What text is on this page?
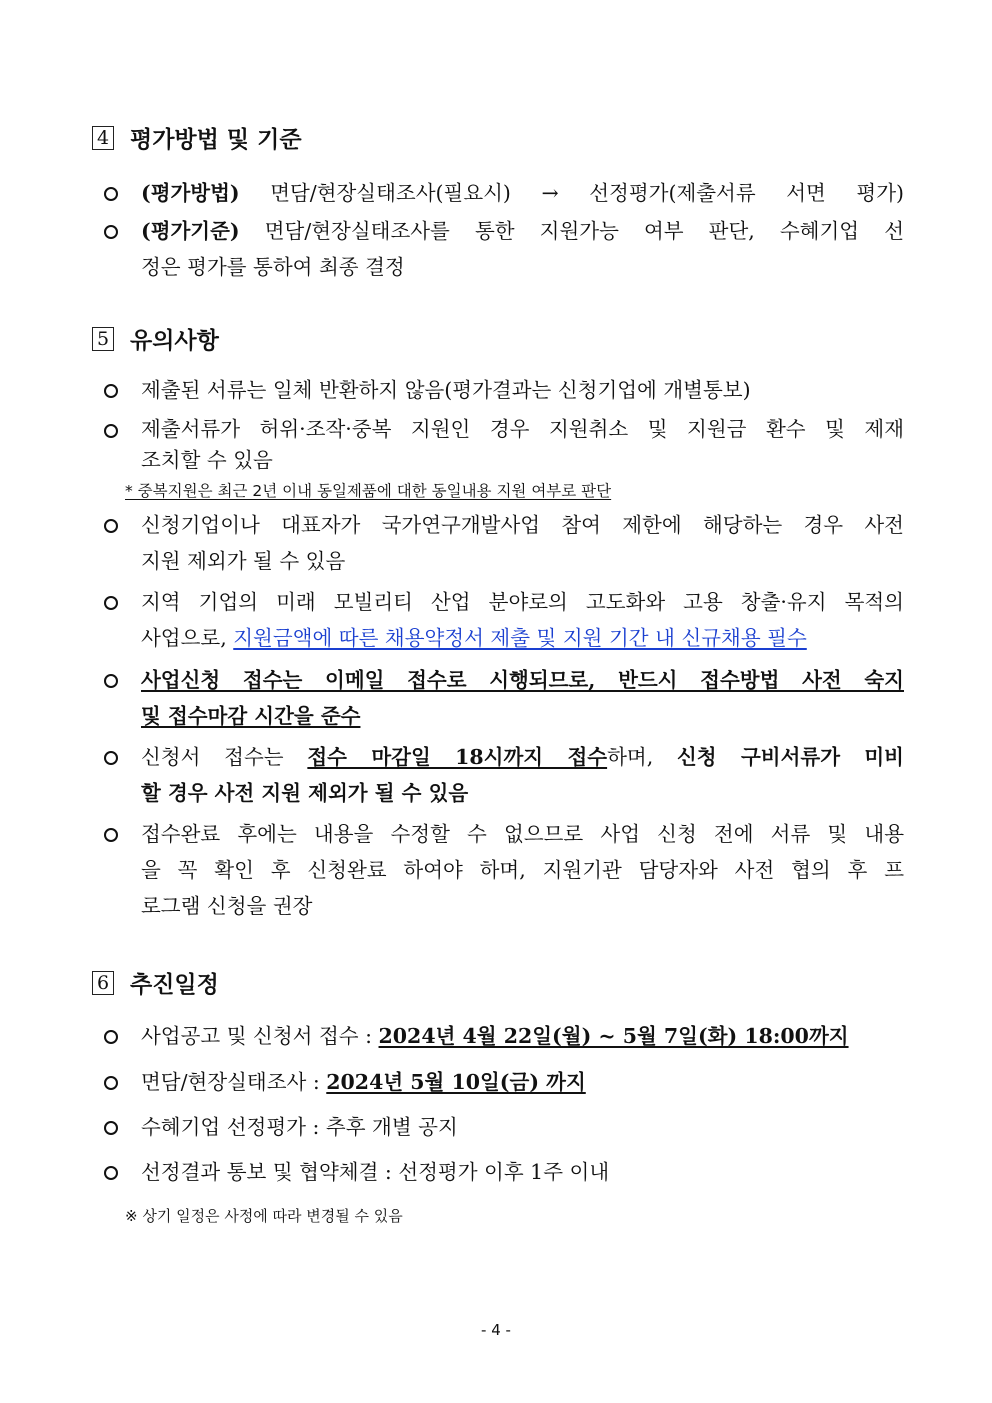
4 평가방법 및 기준
(평가방법) 면담/현장실태조사(필요시) → 선정평가(제출서류 서면 평가)
(평가기준) 면담/현장실태조사를 통한 지원가능 여부 판단, 수혜기업 선
정은 평가를 통하여 최종 결정
5 유의사항
제출된 서류는 일체 반환하지 않음(평가결과는 신청기업에 개별통보)
제출서류가 허위·조작·중복 지원인 경우 지원취소 및 지원금 환수 및 제재
조치할 수 있음
* 중복지원은 최근 2년 이내 동일제품에 대한 동일내용 지원 여부로 판단
신청기업이나 대표자가 국가연구개발사업 참여 제한에 해당하는 경우 사전
지원 제외가 될 수 있음
지역 기업의 미래 모빌리티 산업 분야로의 고도화와 고용 창출·유지 목적의
사업으로, 지원금액에 따른 채용약정서 제출 및 지원 기간 내 신규채용 필수
사업신청 접수는 이메일 접수로 시행되므로, 반드시 접수방법 사전 숙지
및 접수마감 시간을 준수
신청서 접수는 접수 마감일 18시까지 접수하며, 신청 구비서류가 미비
할 경우 사전 지원 제외가 될 수 있음
접수완료 후에는 내용을 수정할 수 없으므로 사업 신청 전에 서류 및 내용
을 꼭 확인 후 신청완료 하여야 하며, 지원기관 담당자와 사전 협의 후 프
로그램 신청을 권장
6 추진일정
사업공고 및 신청서 접수 : 2024년 4월 22일(월) ~ 5월 7일(화) 18:00까지
면담/현장실태조사 : 2024년 5월 10일(금) 까지
수혜기업 선정평가 : 추후 개별 공지
선정결과 통보 및 협약체결 : 선정평가 이후 1주 이내
※ 상기 일정은 사정에 따라 변경될 수 있음
- 4 -
